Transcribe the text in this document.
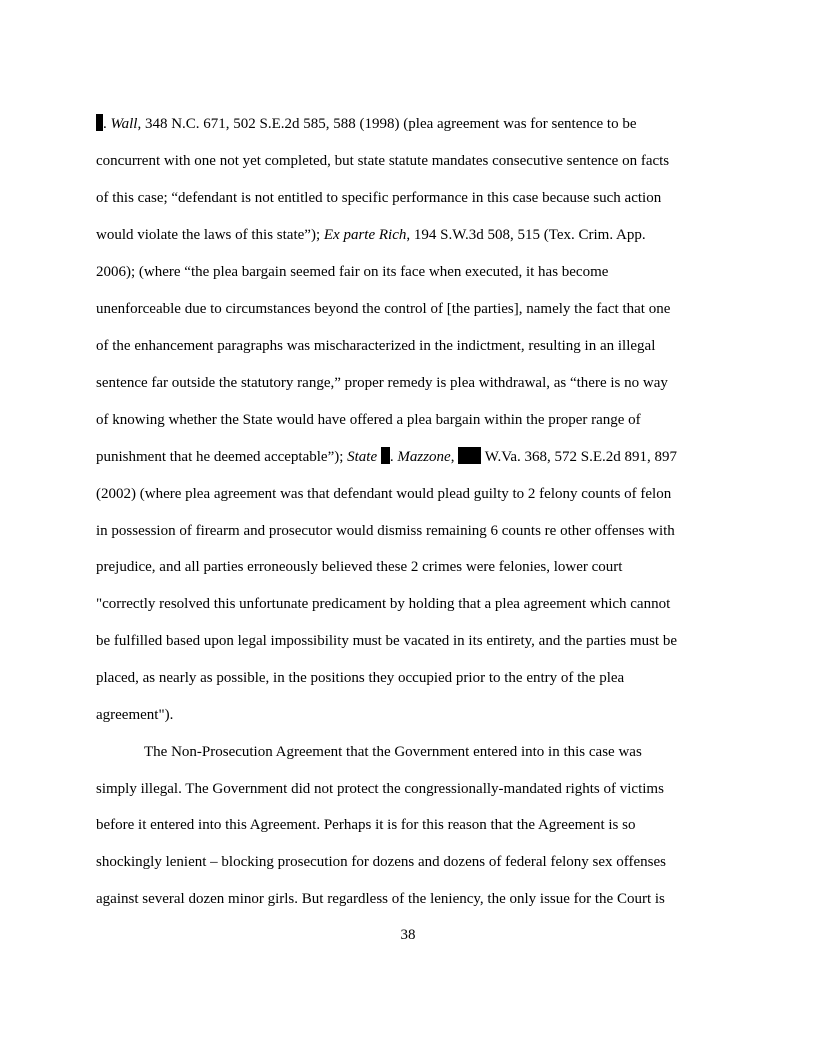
. Wall, 348 N.C. 671, 502 S.E.2d 585, 588 (1998) (plea agreement was for sentence to be
concurrent with one not yet completed, but state statute mandates consecutive sentence on facts
of this case; “defendant is not entitled to specific performance in this case because such action
would violate the laws of this state”); Ex parte Rich, 194 S.W.3d 508, 515 (Tex. Crim. App.
2006); (where “the plea bargain seemed fair on its face when executed, it has become
unenforceable due to circumstances beyond the control of [the parties], namely the fact that one
of the enhancement paragraphs was mischaracterized in the indictment, resulting in an illegal
sentence far outside the statutory range,” proper remedy is plea withdrawal, as “there is no way
of knowing whether the State would have offered a plea bargain within the proper range of
punishment that he deemed acceptable”); State . Mazzone,  W.Va. 368, 572 S.E.2d 891, 897
(2002) (where plea agreement was that defendant would plead guilty to 2 felony counts of felon
in possession of firearm and prosecutor would dismiss remaining 6 counts re other offenses with
prejudice, and all parties erroneously believed these 2 crimes were felonies, lower court
"correctly resolved this unfortunate predicament by holding that a plea agreement which cannot
be fulfilled based upon legal impossibility must be vacated in its entirety, and the parties must be
placed, as nearly as possible, in the positions they occupied prior to the entry of the plea
agreement").
The Non-Prosecution Agreement that the Government entered into in this case was
simply illegal. The Government did not protect the congressionally-mandated rights of victims
before it entered into this Agreement. Perhaps it is for this reason that the Agreement is so
shockingly lenient – blocking prosecution for dozens and dozens of federal felony sex offenses
against several dozen minor girls. But regardless of the leniency, the only issue for the Court is
38
